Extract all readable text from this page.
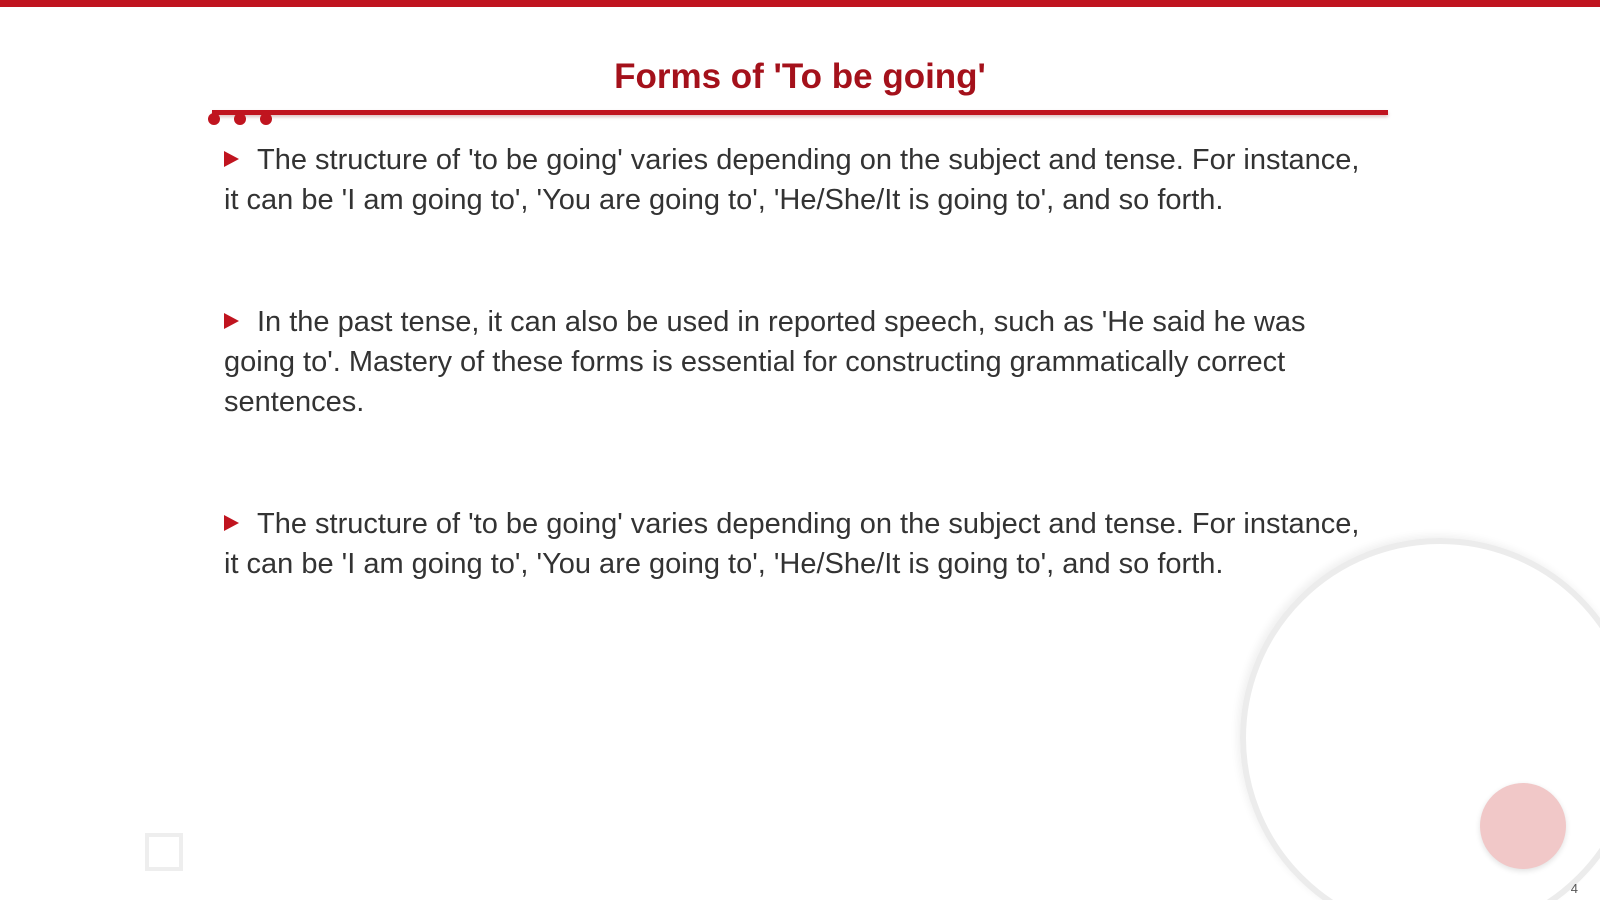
Forms of 'To be going'
The structure of 'to be going' varies depending on the subject and tense. For instance, it can be 'I am going to', 'You are going to', 'He/She/It is going to', and so forth.
In the past tense, it can also be used in reported speech, such as 'He said he was going to'. Mastery of these forms is essential for constructing grammatically correct sentences.
The structure of 'to be going' varies depending on the subject and tense. For instance, it can be 'I am going to', 'You are going to', 'He/She/It is going to', and so forth.
4
